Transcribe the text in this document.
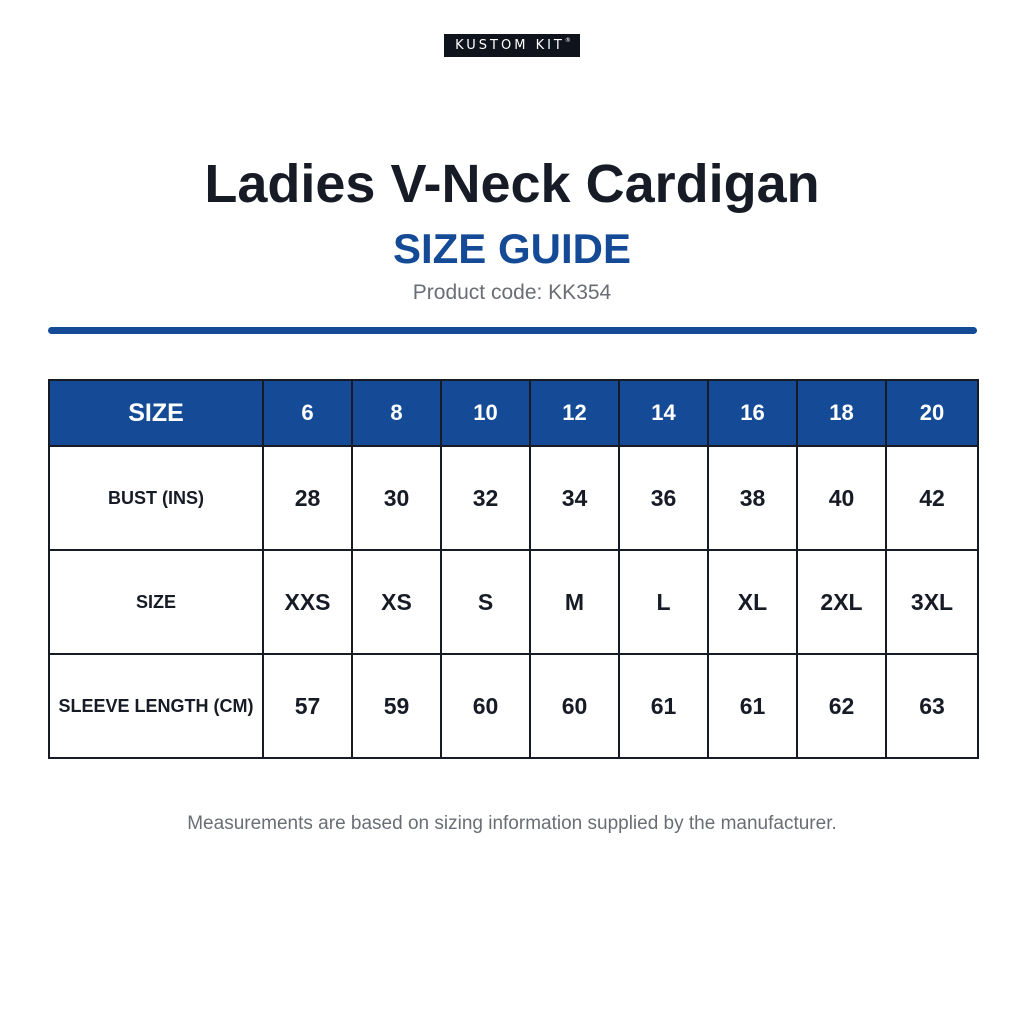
KUSTOM KIT®
Ladies V-Neck Cardigan
SIZE GUIDE
Product code: KK354
SIZE	6	8	10	12	14	16	18	20
BUST (INS)	28	30	32	34	36	38	40	42
SIZE	XXS	XS	S	M	L	XL	2XL	3XL
SLEEVE LENGTH (CM)	57	59	60	60	61	61	62	63
Measurements are based on sizing information supplied by the manufacturer.
